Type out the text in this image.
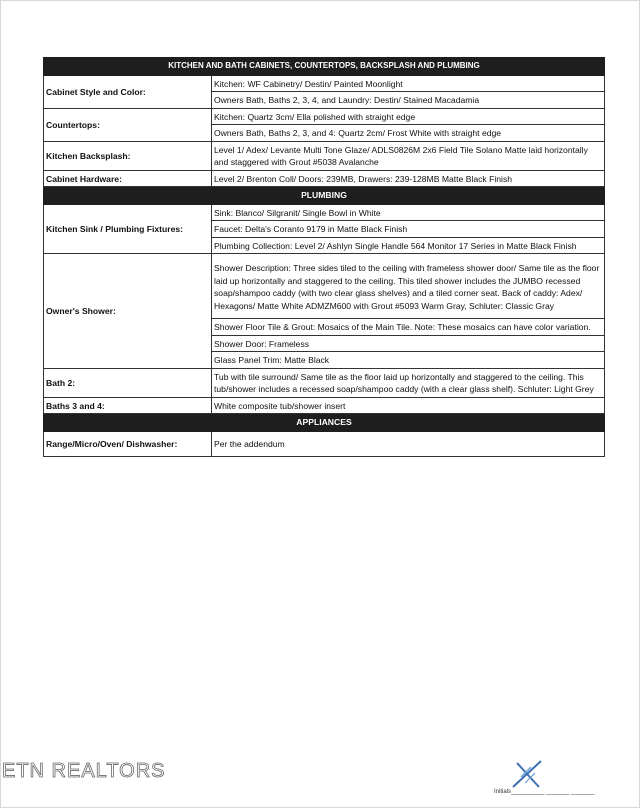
KITCHEN AND BATH CABINETS, COUNTERTOPS, BACKSPLASH AND PLUMBING	
Cabinet Style and Color:	Kitchen: WF Cabinetry/ Destin/ Painted Moonlight
	Owners Bath, Baths 2, 3, 4, and Laundry: Destin/ Stained Macadamia
Countertops:	Kitchen: Quartz 3cm/ Ella polished with straight edge
	Owners Bath, Baths 2, 3, and 4: Quartz 2cm/ Frost White with straight edge
Kitchen Backsplash:	Level 1/ Adex/ Levante Multi Tone Glaze/ ADLS0826M 2x6 Field Tile Solano Matte laid horizontally and staggered with Grout #5038 Avalanche
Cabinet Hardware:	Level 2/ Brenton Coll/ Doors: 239MB, Drawers: 239-128MB Matte Black Finish
PLUMBING	
Kitchen Sink / Plumbing Fixtures:	Sink: Blanco/ Silgranit/ Single Bowl in White
	Faucet: Delta's Coranto 9179 in Matte Black Finish
	Plumbing Collection: Level 2/ Ashlyn Single Handle 564 Monitor 17 Series in Matte Black Finish
Owner's Shower:	Shower Description: Three sides tiled to the ceiling with frameless shower door/ Same tile as the floor laid up horizontally and staggered to the ceiling. This tiled shower includes the JUMBO recessed soap/shampoo caddy (with two clear glass shelves) and a tiled corner seat. Back of caddy: Adex/ Hexagons/ Matte White ADMZM600 with Grout #5093 Warm Gray, Schluter: Classic Gray
	Shower Floor Tile & Grout: Mosaics of the Main Tile. Note: These mosaics can have color variation.
	Shower Door: Frameless
	Glass Panel Trim: Matte Black
Bath 2:	Tub with tile surround/ Same tile as the floor laid up horizontally and staggered to the ceiling. This tub/shower includes a recessed soap/shampoo caddy (with a clear glass shelf). Schluter: Light Grey
Baths 3 and 4:	White composite tub/shower insert
APPLIANCES	
Range/Micro/Oven/ Dishwasher:	Per the addendum
ETN REALTORS
Initials__________ _______ _______
